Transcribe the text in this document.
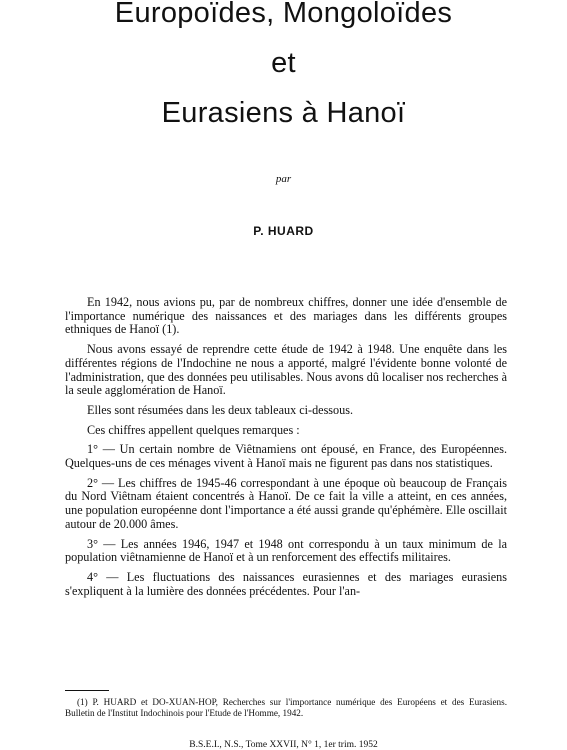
Europoïdes, Mongoloïdes
et
Eurasiens à Hanoï
par
P. HUARD

En 1942, nous avions pu, par de nombreux chiffres, donner une idée d'ensemble de l'importance numérique des naissances et des mariages dans les différents groupes ethniques de Hanoï (1).

Nous avons essayé de reprendre cette étude de 1942 à 1948. Une enquête dans les différentes régions de l'Indochine ne nous a apporté, malgré l'évidente bonne volonté de l'administration, que des données peu utilisables. Nous avons dû localiser nos recherches à la seule agglomération de Hanoï.

Elles sont résumées dans les deux tableaux ci-dessous.

Ces chiffres appellent quelques remarques :

1° — Un certain nombre de Viêtnamiens ont épousé, en France, des Européennes. Quelques-uns de ces ménages vivent à Hanoï mais ne figurent pas dans nos statistiques.

2° — Les chiffres de 1945-46 correspondant à une époque où beaucoup de Français du Nord Viêtnam étaient concentrés à Hanoï. De ce fait la ville a atteint, en ces années, une population européenne dont l'importance a été aussi grande qu'éphémère. Elle oscillait autour de 20.000 âmes.

3° — Les années 1946, 1947 et 1948 ont correspondu à un taux minimum de la population viêtnamienne de Hanoï et à un renforcement des effectifs militaires.

4° — Les fluctuations des naissances eurasiennes et des mariages eurasiens s'expliquent à la lumière des données précédentes. Pour l'an-

(1) P. HUARD et DO-XUAN-HOP, Recherches sur l'importance numérique des Européens et des Eurasiens. Bulletin de l'Institut Indochinois pour l'Etude de l'Homme, 1942.
B.S.E.I., N.S., Tome XXVII, N° 1, 1er trim. 1952
